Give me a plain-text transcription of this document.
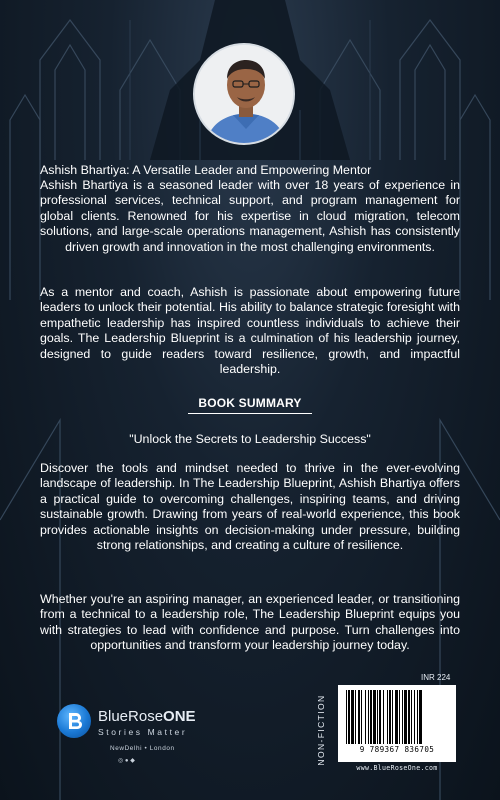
Ashish Bhartiya: A Versatile Leader and Empowering Mentor
Ashish Bhartiya is a seasoned leader with over 18 years of experience in professional services, technical support, and program management for global clients. Renowned for his expertise in cloud migration, telecom solutions, and large-scale operations management, Ashish has consistently driven growth and innovation in the most challenging environments.
As a mentor and coach, Ashish is passionate about empowering future leaders to unlock their potential. His ability to balance strategic foresight with empathetic leadership has inspired countless individuals to achieve their goals. The Leadership Blueprint is a culmination of his leadership journey, designed to guide readers toward resilience, growth, and impactful leadership.
BOOK SUMMARY
"Unlock the Secrets to Leadership Success"
Discover the tools and mindset needed to thrive in the ever-evolving landscape of leadership. In The Leadership Blueprint, Ashish Bhartiya offers a practical guide to overcoming challenges, inspiring teams, and driving sustainable growth. Drawing from years of real-world experience, this book provides actionable insights on decision-making under pressure, building strong relationships, and creating a culture of resilience.
Whether you're an aspiring manager, an experienced leader, or transitioning from a technical to a leadership role, The Leadership Blueprint equips you with strategies to lead with confidence and purpose. Turn challenges into opportunities and transform your leadership journey today.
BlueRoseONE
Stories Matter
NewDelhi • London
◎ ● ◆	NON-FICTION
INR 224
9 789367 836705
www.BlueRoseOne.com
